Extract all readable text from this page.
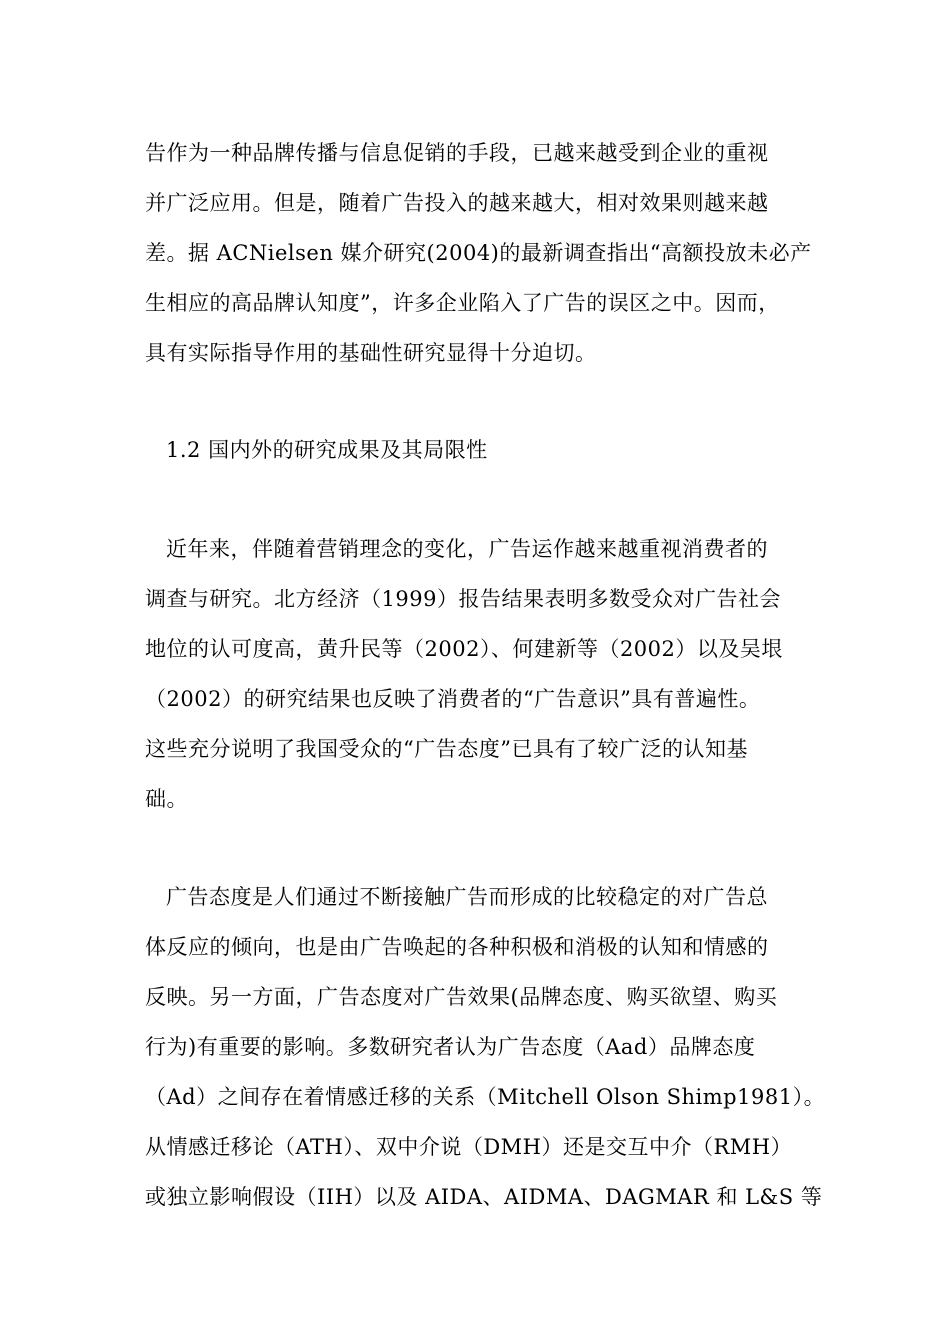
告作为一种品牌传播与信息促销的手段，已越来越受到企业的重视
并广泛应用。但是，随着广告投入的越来越大，相对效果则越来越
差。据 ACNielsen 媒介研究(2004)的最新调查指出“高额投放未必产
生相应的高品牌认知度”，许多企业陷入了广告的误区之中。因而，
具有实际指导作用的基础性研究显得十分迫切。
1.2 国内外的研究成果及其局限性
近年来，伴随着营销理念的变化，广告运作越来越重视消费者的
调查与研究。北方经济（1999）报告结果表明多数受众对广告社会
地位的认可度高，黄升民等（2002）、何建新等（2002）以及吴垠
（2002）的研究结果也反映了消费者的“广告意识”具有普遍性。
这些充分说明了我国受众的“广告态度”已具有了较广泛的认知基
础。
广告态度是人们通过不断接触广告而形成的比较稳定的对广告总
体反应的倾向，也是由广告唤起的各种积极和消极的认知和情感的
反映。另一方面，广告态度对广告效果(品牌态度、购买欲望、购买
行为)有重要的影响。多数研究者认为广告态度（Aad）品牌态度
（Ad）之间存在着情感迁移的关系（Mitchell Olson Shimp1981）。
从情感迁移论（ATH）、双中介说（DMH）还是交互中介（RMH）
或独立影响假设（IIH）以及 AIDA、AIDMA、DAGMAR 和 L&S 等
